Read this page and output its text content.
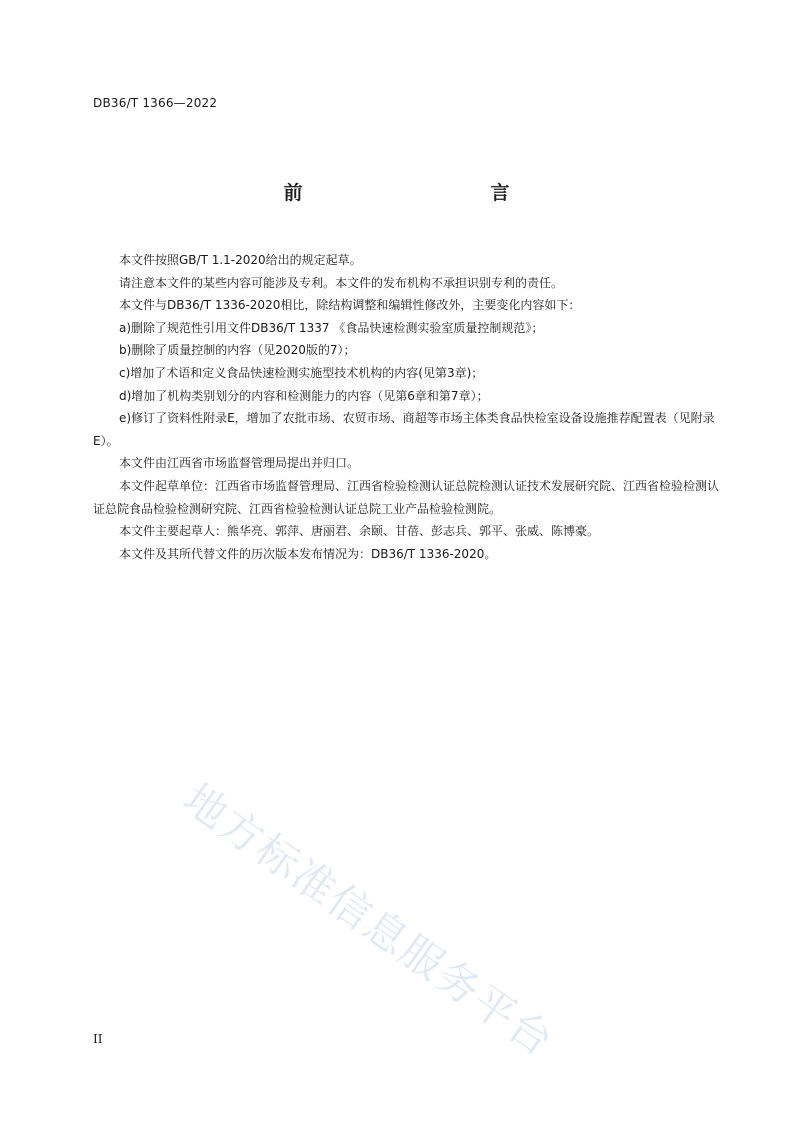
DB36/T 1366—2022
前　　言

本文件按照GB/T 1.1-2020给出的规定起草。

请注意本文件的某些内容可能涉及专利。本文件的发布机构不承担识别专利的责任。

本文件与DB36/T 1336-2020相比，除结构调整和编辑性修改外，主要变化内容如下：

a)删除了规范性引用文件DB36/T 1337 《食品快速检测实验室质量控制规范》；

b)删除了质量控制的内容（见2020版的7）；

c)增加了术语和定义食品快速检测实施型技术机构的内容(见第3章)；

d)增加了机构类别划分的内容和检测能力的内容（见第6章和第7章）；

e)修订了资料性附录E，增加了农批市场、农贸市场、商超等市场主体类食品快检室设备设施推荐配置表（见附录E）。

本文件由江西省市场监督管理局提出并归口。

本文件起草单位：江西省市场监督管理局、江西省检验检测认证总院检测认证技术发展研究院、江西省检验检测认证总院食品检验检测研究院、江西省检验检测认证总院工业产品检验检测院。

本文件主要起草人：熊华亮、郭萍、唐丽君、余颐、甘蓓、彭志兵、郭平、张威、陈博豪。

本文件及其所代替文件的历次版本发布情况为：DB36/T 1336-2020。

地方标准信息服务平台
II
